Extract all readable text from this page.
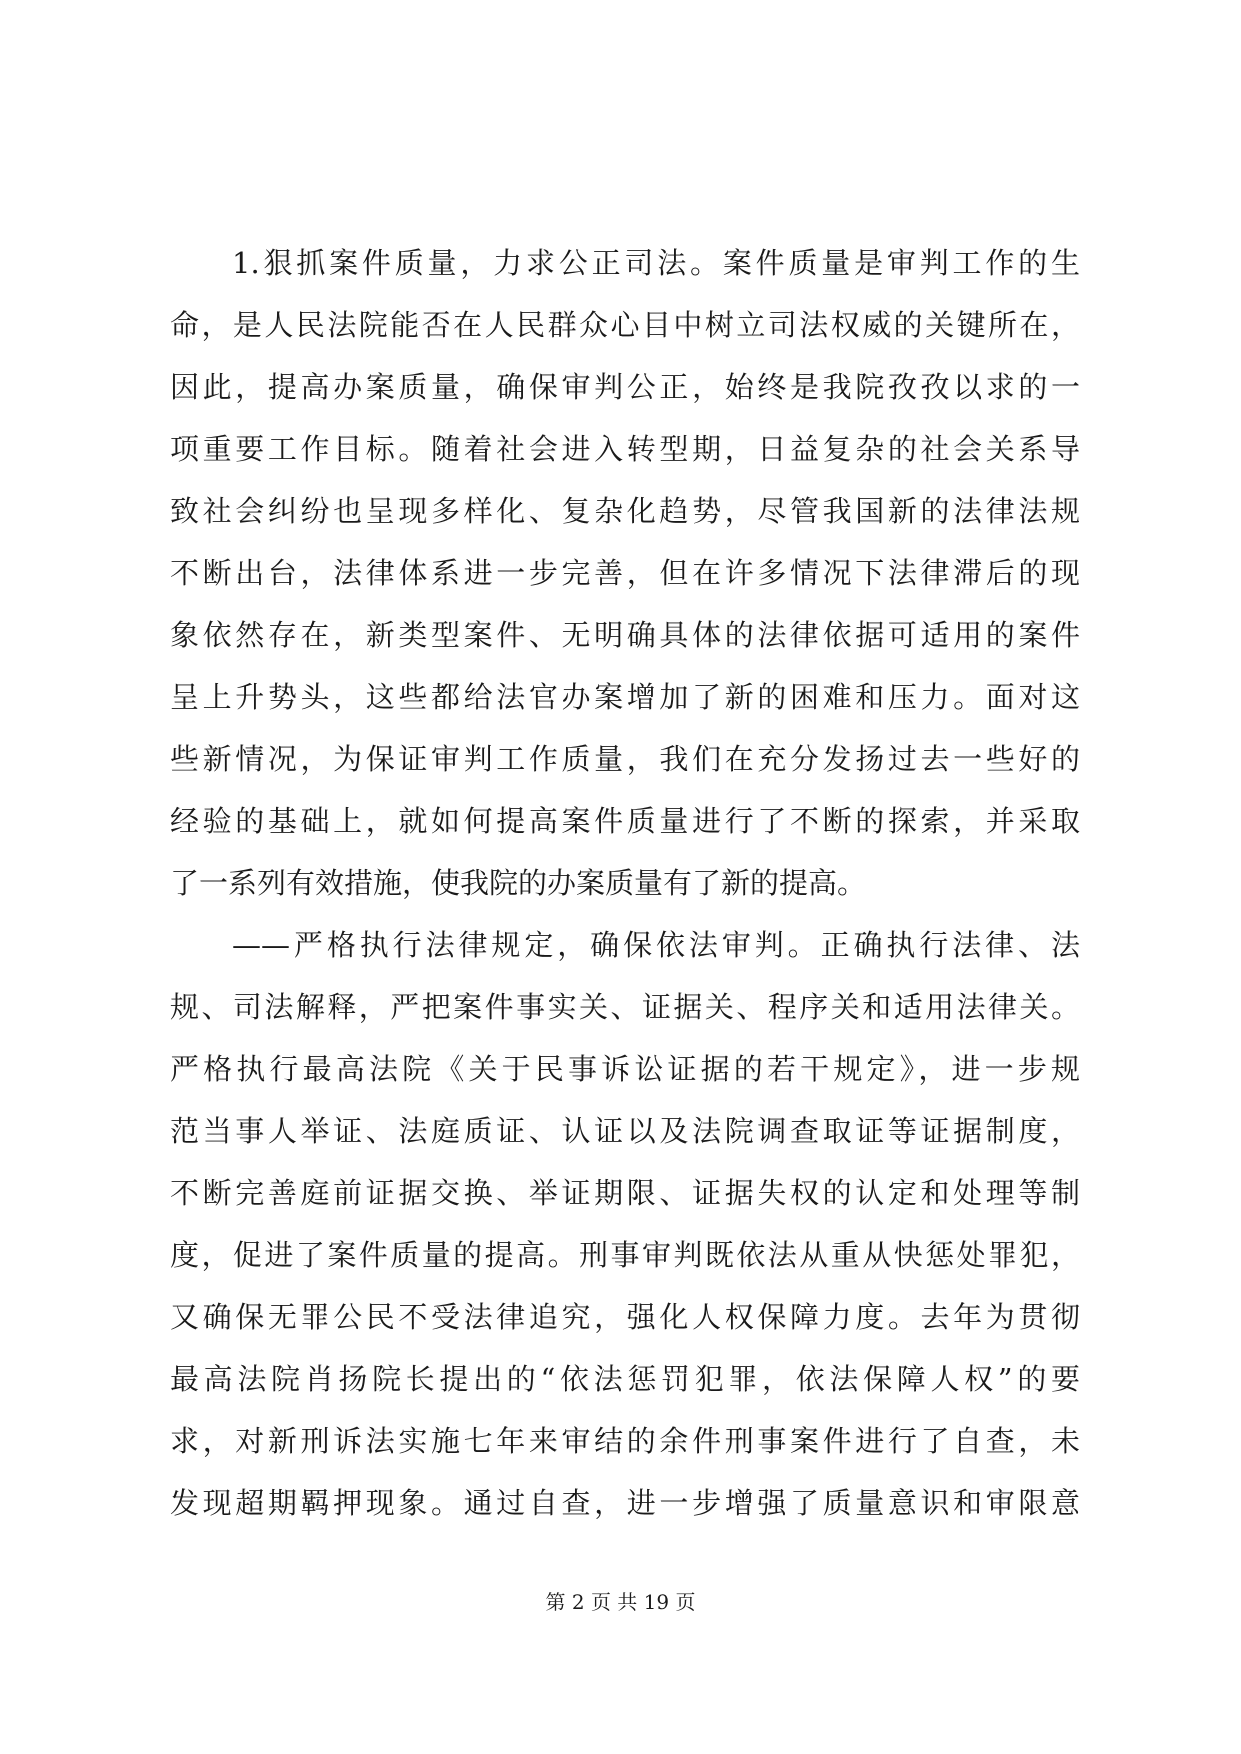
1.狠抓案件质量，力求公正司法。案件质量是审判工作的生
命，是人民法院能否在人民群众心目中树立司法权威的关键所在，
因此，提高办案质量，确保审判公正，始终是我院孜孜以求的一
项重要工作目标。随着社会进入转型期，日益复杂的社会关系导
致社会纠纷也呈现多样化、复杂化趋势，尽管我国新的法律法规
不断出台，法律体系进一步完善，但在许多情况下法律滞后的现
象依然存在，新类型案件、无明确具体的法律依据可适用的案件
呈上升势头，这些都给法官办案增加了新的困难和压力。面对这
些新情况，为保证审判工作质量，我们在充分发扬过去一些好的
经验的基础上，就如何提高案件质量进行了不断的探索，并采取
了一系列有效措施，使我院的办案质量有了新的提高。
——严格执行法律规定，确保依法审判。正确执行法律、法
规、司法解释，严把案件事实关、证据关、程序关和适用法律关。
严格执行最高法院《关于民事诉讼证据的若干规定》，进一步规
范当事人举证、法庭质证、认证以及法院调查取证等证据制度，
不断完善庭前证据交换、举证期限、证据失权的认定和处理等制
度，促进了案件质量的提高。刑事审判既依法从重从快惩处罪犯，
又确保无罪公民不受法律追究，强化人权保障力度。去年为贯彻
最高法院肖扬院长提出的“依法惩罚犯罪，依法保障人权”的要
求，对新刑诉法实施七年来审结的余件刑事案件进行了自查，未
发现超期羁押现象。通过自查，进一步增强了质量意识和审限意
第 2 页 共 19 页
